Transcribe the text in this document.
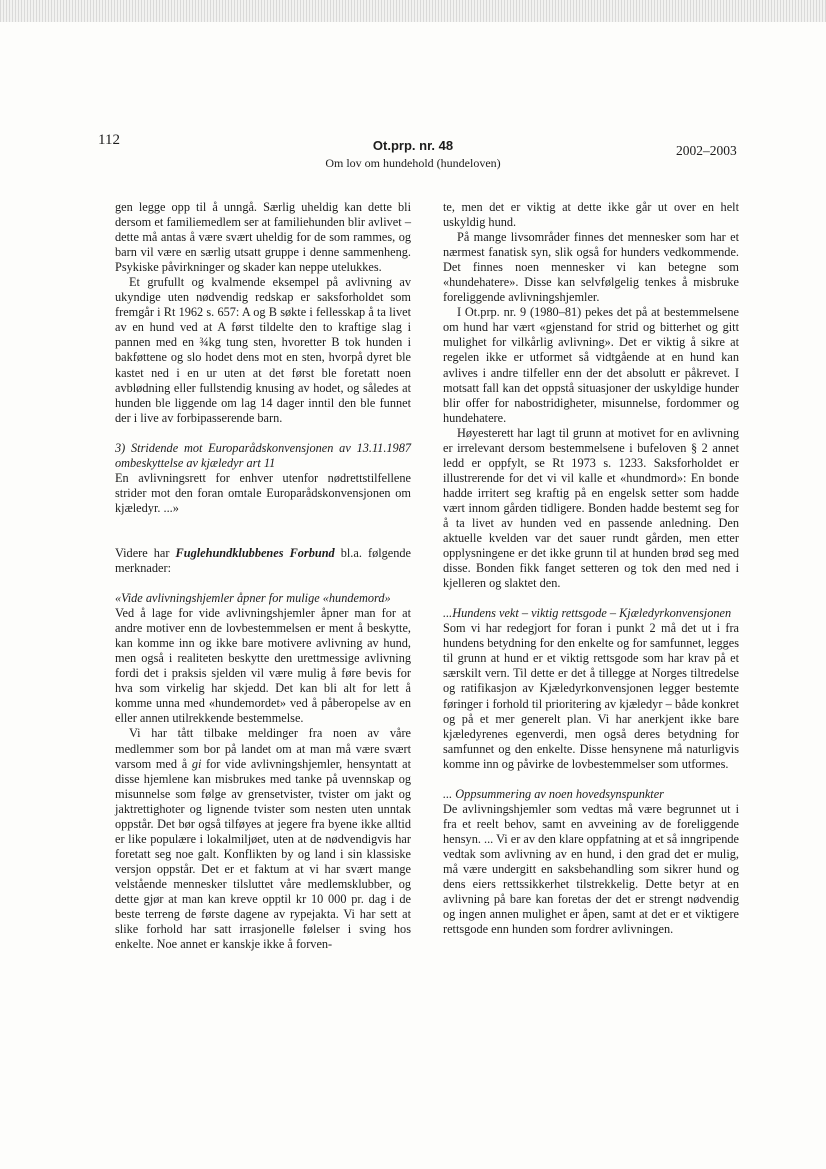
112	Ot.prp. nr. 48
Om lov om hundehold (hundeloven)
2002–2003

gen legge opp til å unngå. Særlig uheldig kan dette bli dersom et familiemedlem ser at familiehunden blir avlivet – dette må antas å være svært uheldig for de som rammes, og barn vil være en særlig utsatt gruppe i denne sammenheng. Psykiske påvirkninger og skader kan neppe utelukkes.

Et grufullt og kvalmende eksempel på avlivning av ukyndige uten nødvendig redskap er saksforholdet som fremgår i Rt 1962 s. 657: A og B søkte i fellesskap å ta livet av en hund ved at A først tildelte den to kraftige slag i pannen med en ¾kg tung sten, hvoretter B tok hunden i bakføttene og slo hodet dens mot en sten, hvorpå dyret ble kastet ned i en ur uten at det først ble foretatt noen avblødning eller fullstendig knusing av hodet, og således at hunden ble liggende om lag 14 dager inntil den ble funnet der i live av forbipasserende barn.

3) Stridende mot Europarådskonvensjonen av 13.11.1987 ombeskyttelse av kjæledyr art 11

En avlivningsrett for enhver utenfor nødrettstilfellene strider mot den foran omtale Europarådskonvensjonen om kjæledyr. ...»

Videre har Fuglehundklubbenes Forbund bl.a. følgende merknader:

«Vide avlivningshjemler åpner for mulige «hundemord»

Ved å lage for vide avlivningshjemler åpner man for at andre motiver enn de lovbestemmelsen er ment å beskytte, kan komme inn og ikke bare motivere avlivning av hund, men også i realiteten beskytte den urettmessige avlivning fordi det i praksis sjelden vil være mulig å føre bevis for hva som virkelig har skjedd. Det kan bli alt for lett å komme unna med «hundemordet» ved å påberopelse av en eller annen utilrekkende bestemmelse.

Vi har tått tilbake meldinger fra noen av våre medlemmer som bor på landet om at man må være svært varsom med å gi for vide avlivningshjemler, hensyntatt at disse hjemlene kan misbrukes med tanke på uvennskap og misunnelse som følge av grensetvister, tvister om jakt og jaktrettighoter og lignende tvister som nesten uten unntak oppstår. Det bør også tilføyes at jegere fra byene ikke alltid er like populære i lokalmiljøet, uten at de nødvendigvis har foretatt seg noe galt. Konflikten by og land i sin klassiske versjon oppstår. Det er et faktum at vi har svært mange velstående mennesker tilsluttet våre medlemsklubber, og dette gjør at man kan kreve opptil kr 10 000 pr. dag i de beste terreng de første dagene av rypejakta. Vi har sett at slike forhold har satt irrasjonelle følelser i sving hos enkelte. Noe annet er kanskje ikke å forven-

te, men det er viktig at dette ikke går ut over en helt uskyldig hund.

På mange livsområder finnes det mennesker som har et nærmest fanatisk syn, slik også for hunders vedkommende. Det finnes noen mennesker vi kan betegne som «hundehatere». Disse kan selvfølgelig tenkes å misbruke foreliggende avlivningshjemler.

I Ot.prp. nr. 9 (1980–81) pekes det på at bestemmelsene om hund har vært «gjenstand for strid og bitterhet og gitt mulighet for vilkårlig avlivning». Det er viktig å sikre at regelen ikke er utformet så vidtgående at en hund kan avlives i andre tilfeller enn der det absolutt er påkrevet. I motsatt fall kan det oppstå situasjoner der uskyldige hunder blir offer for nabostridigheter, misunnelse, fordommer og hundehatere.

Høyesterett har lagt til grunn at motivet for en avlivning er irrelevant dersom bestemmelsene i bufeloven § 2 annet ledd er oppfylt, se Rt 1973 s. 1233. Saksforholdet er illustrerende for det vi vil kalle et «hundmord»: En bonde hadde irritert seg kraftig på en engelsk setter som hadde vært innom gården tidligere. Bonden hadde bestemt seg for å ta livet av hunden ved en passende anledning. Den aktuelle kvelden var det sauer rundt gården, men etter opplysningene er det ikke grunn til at hunden brød seg med disse. Bonden fikk fanget setteren og tok den med ned i kjelleren og slaktet den.

...Hundens vekt – viktig rettsgode – Kjæledyrkonvensjonen

Som vi har redegjort for foran i punkt 2 må det ut i fra hundens betydning for den enkelte og for samfunnet, legges til grunn at hund er et viktig rettsgode som har krav på et særskilt vern. Til dette er det å tillegge at Norges tiltredelse og ratifikasjon av Kjæledyrkonvensjonen legger bestemte føringer i forhold til prioritering av kjæledyr – både konkret og på et mer generelt plan. Vi har anerkjent ikke bare kjæledyrenes egenverdi, men også deres betydning for samfunnet og den enkelte. Disse hensynene må naturligvis komme inn og påvirke de lovbestemmelser som utformes.

... Oppsummering av noen hovedsynspunkter

De avlivningshjemler som vedtas må være begrunnet ut i fra et reelt behov, samt en avveining av de foreliggende hensyn. ... Vi er av den klare oppfatning at et så inngripende vedtak som avlivning av en hund, i den grad det er mulig, må være undergitt en saksbehandling som sikrer hund og dens eiers rettssikkerhet tilstrekkelig. Dette betyr at en avlivning på bare kan foretas der det er strengt nødvendig og ingen annen mulighet er åpen, samt at det er et viktigere rettsgode enn hunden som fordrer avlivningen.
